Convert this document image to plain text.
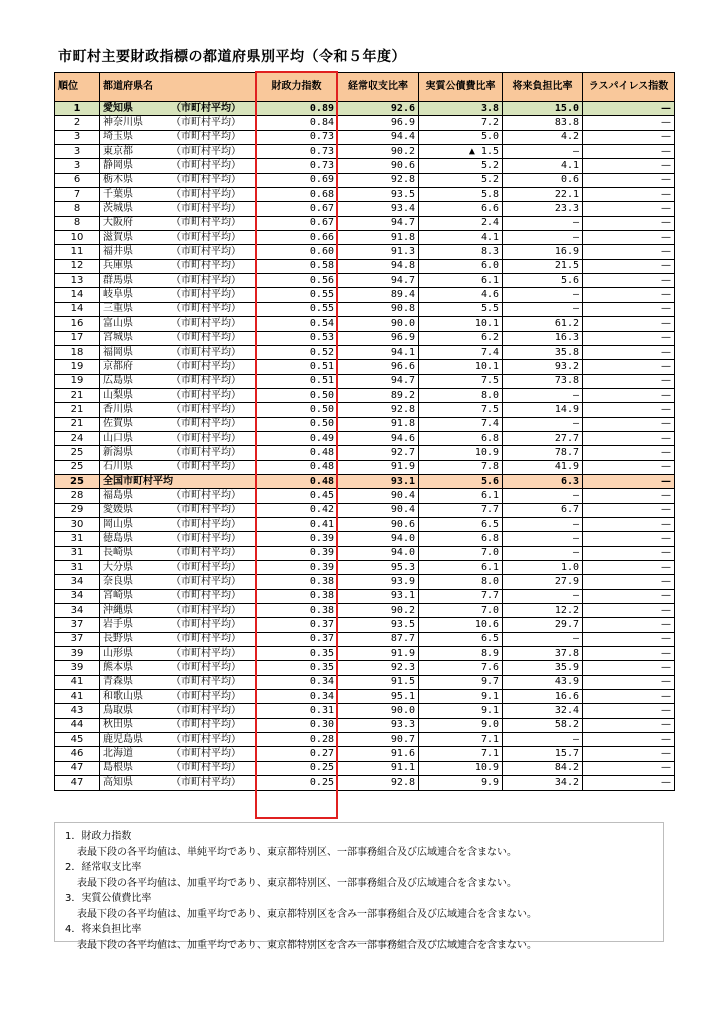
市町村主要財政指標の都道府県別平均（令和５年度）
順位	都道府県名	財政力指数	経常収支比率	実質公債費比率	将来負担比率	ラスパイレス指数
1	愛知県 （市町村平均）	0.89	92.6	3.8	15.0	—
2	神奈川県 （市町村平均）	0.84	96.9	7.2	83.8	—
3	埼玉県 （市町村平均）	0.73	94.4	5.0	4.2	—
3	東京都 （市町村平均）	0.73	90.2	▲ 1.5	—	—
3	静岡県 （市町村平均）	0.73	90.6	5.2	4.1	—
6	栃木県 （市町村平均）	0.69	92.8	5.2	0.6	—
7	千葉県 （市町村平均）	0.68	93.5	5.8	22.1	—
8	茨城県 （市町村平均）	0.67	93.4	6.6	23.3	—
8	大阪府 （市町村平均）	0.67	94.7	2.4	—	—
10	滋賀県 （市町村平均）	0.66	91.8	4.1	—	—
11	福井県 （市町村平均）	0.60	91.3	8.3	16.9	—
12	兵庫県 （市町村平均）	0.58	94.8	6.0	21.5	—
13	群馬県 （市町村平均）	0.56	94.7	6.1	5.6	—
14	岐阜県 （市町村平均）	0.55	89.4	4.6	—	—
14	三重県 （市町村平均）	0.55	90.8	5.5	—	—
16	富山県 （市町村平均）	0.54	90.0	10.1	61.2	—
17	宮城県 （市町村平均）	0.53	96.9	6.2	16.3	—
18	福岡県 （市町村平均）	0.52	94.1	7.4	35.8	—
19	京都府 （市町村平均）	0.51	96.6	10.1	93.2	—
19	広島県 （市町村平均）	0.51	94.7	7.5	73.8	—
21	山梨県 （市町村平均）	0.50	89.2	8.0	—	—
21	香川県 （市町村平均）	0.50	92.8	7.5	14.9	—
21	佐賀県 （市町村平均）	0.50	91.8	7.4	—	—
24	山口県 （市町村平均）	0.49	94.6	6.8	27.7	—
25	新潟県 （市町村平均）	0.48	92.7	10.9	78.7	—
25	石川県 （市町村平均）	0.48	91.9	7.8	41.9	—
25	全国市町村平均	0.48	93.1	5.6	6.3	—
28	福島県 （市町村平均）	0.45	90.4	6.1	—	—
29	愛媛県 （市町村平均）	0.42	90.4	7.7	6.7	—
30	岡山県 （市町村平均）	0.41	90.6	6.5	—	—
31	徳島県 （市町村平均）	0.39	94.0	6.8	—	—
31	長崎県 （市町村平均）	0.39	94.0	7.0	—	—
31	大分県 （市町村平均）	0.39	95.3	6.1	1.0	—
34	奈良県 （市町村平均）	0.38	93.9	8.0	27.9	—
34	宮崎県 （市町村平均）	0.38	93.1	7.7	—	—
34	沖縄県 （市町村平均）	0.38	90.2	7.0	12.2	—
37	岩手県 （市町村平均）	0.37	93.5	10.6	29.7	—
37	長野県 （市町村平均）	0.37	87.7	6.5	—	—
39	山形県 （市町村平均）	0.35	91.9	8.9	37.8	—
39	熊本県 （市町村平均）	0.35	92.3	7.6	35.9	—
41	青森県 （市町村平均）	0.34	91.5	9.7	43.9	—
41	和歌山県 （市町村平均）	0.34	95.1	9.1	16.6	—
43	鳥取県 （市町村平均）	0.31	90.0	9.1	32.4	—
44	秋田県 （市町村平均）	0.30	93.3	9.0	58.2	—
45	鹿児島県 （市町村平均）	0.28	90.7	7.1	—	—
46	北海道 （市町村平均）	0.27	91.6	7.1	15.7	—
47	島根県 （市町村平均）	0.25	91.1	10.9	84.2	—
47	高知県 （市町村平均）	0.25	92.8	9.9	34.2	—
1．財政力指数
表最下段の各平均値は、単純平均であり、東京都特別区、一部事務組合及び広域連合を含まない。
2．経常収支比率
表最下段の各平均値は、加重平均であり、東京都特別区、一部事務組合及び広域連合を含まない。
3．実質公債費比率
表最下段の各平均値は、加重平均であり、東京都特別区を含み一部事務組合及び広域連合を含まない。
4．将来負担比率
表最下段の各平均値は、加重平均であり、東京都特別区を含み一部事務組合及び広域連合を含まない。
